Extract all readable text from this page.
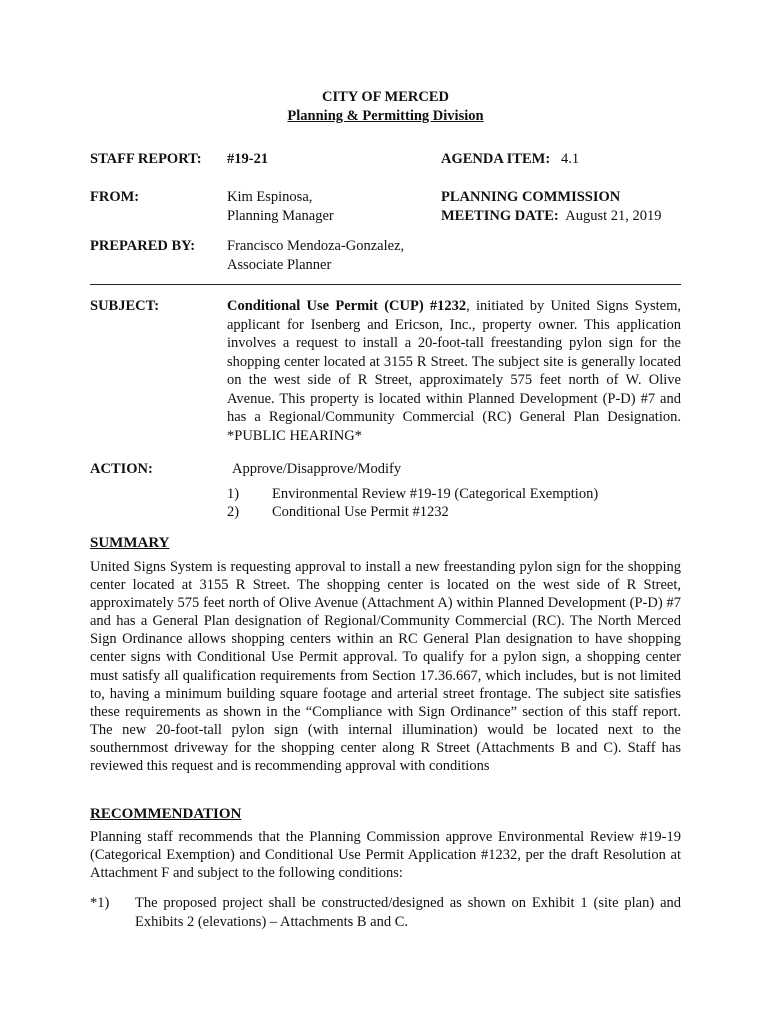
CITY OF MERCED
Planning & Permitting Division
STAFF REPORT: #19-21	AGENDA ITEM: 4.1
FROM:	Kim Espinosa,
Planning Manager
PLANNING COMMISSION
MEETING DATE: August 21, 2019
PREPARED BY: Francisco Mendoza-Gonzalez,
Associate Planner
SUBJECT:	Conditional Use Permit (CUP) #1232, initiated by United Signs System, applicant for Isenberg and Ericson, Inc., property owner. This application involves a request to install a 20-foot-tall freestanding pylon sign for the shopping center located at 3155 R Street. The subject site is generally located on the west side of R Street, approximately 575 feet north of W. Olive Avenue. This property is located within Planned Development (P-D) #7 and has a Regional/Community Commercial (RC) General Plan Designation. *PUBLIC HEARING*
ACTION:	Approve/Disapprove/Modify
1) Environmental Review #19-19 (Categorical Exemption)
2) Conditional Use Permit #1232
SUMMARY
United Signs System is requesting approval to install a new freestanding pylon sign for the shopping center located at 3155 R Street. The shopping center is located on the west side of R Street, approximately 575 feet north of Olive Avenue (Attachment A) within Planned Development (P-D) #7 and has a General Plan designation of Regional/Community Commercial (RC). The North Merced Sign Ordinance allows shopping centers within an RC General Plan designation to have shopping center signs with Conditional Use Permit approval. To qualify for a pylon sign, a shopping center must satisfy all qualification requirements from Section 17.36.667, which includes, but is not limited to, having a minimum building square footage and arterial street frontage. The subject site satisfies these requirements as shown in the “Compliance with Sign Ordinance” section of this staff report. The new 20-foot-tall pylon sign (with internal illumination) would be located next to the southernmost driveway for the shopping center along R Street (Attachments B and C). Staff has reviewed this request and is recommending approval with conditions
RECOMMENDATION
Planning staff recommends that the Planning Commission approve Environmental Review #19-19 (Categorical Exemption) and Conditional Use Permit Application #1232, per the draft Resolution at Attachment F and subject to the following conditions:
*1) The proposed project shall be constructed/designed as shown on Exhibit 1 (site plan) and Exhibits 2 (elevations) – Attachments B and C.
